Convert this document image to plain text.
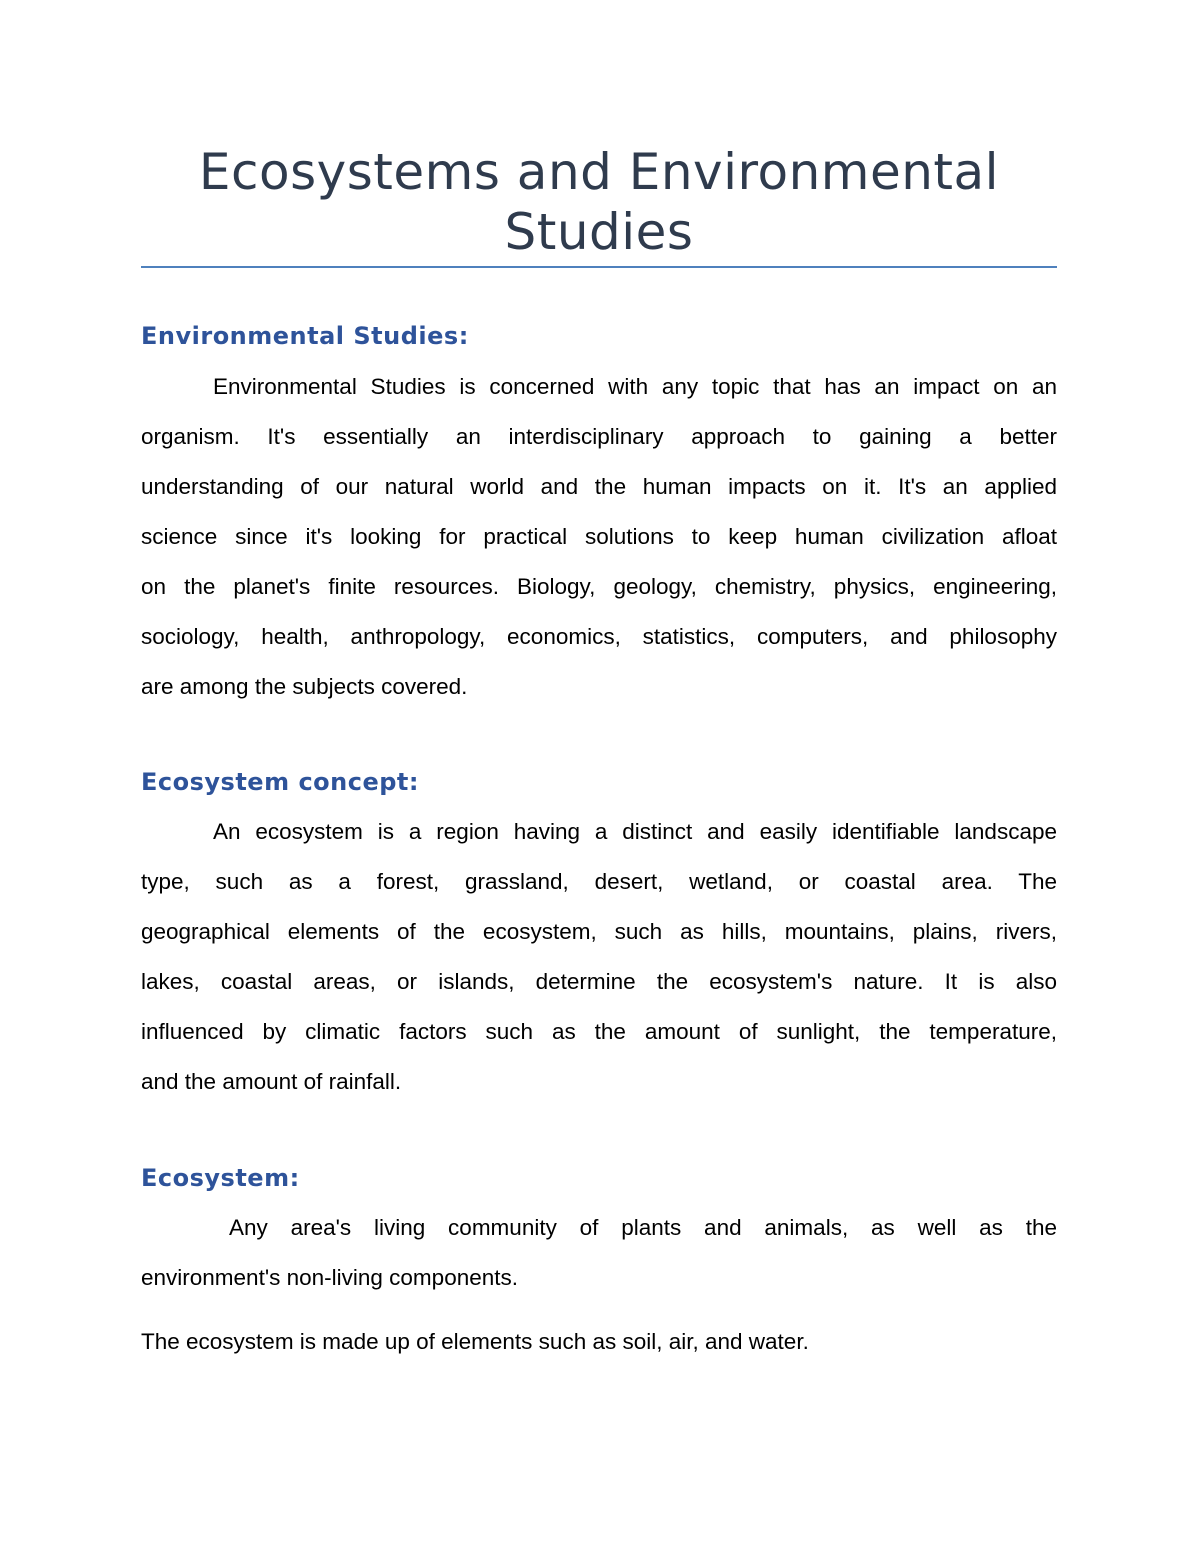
Ecosystems and Environmental
Studies
Environmental Studies:
Environmental Studies is concerned with any topic that has an impact on an
organism. It's essentially an interdisciplinary approach to gaining a better
understanding of our natural world and the human impacts on it. It's an applied
science since it's looking for practical solutions to keep human civilization afloat
on the planet's finite resources. Biology, geology, chemistry, physics, engineering,
sociology, health, anthropology, economics, statistics, computers, and philosophy
are among the subjects covered.
Ecosystem concept:
An ecosystem is a region having a distinct and easily identifiable landscape
type, such as a forest, grassland, desert, wetland, or coastal area. The
geographical elements of the ecosystem, such as hills, mountains, plains, rivers,
lakes, coastal areas, or islands, determine the ecosystem's nature. It is also
influenced by climatic factors such as the amount of sunlight, the temperature,
and the amount of rainfall.
Ecosystem:
Any area's living community of plants and animals, as well as the
environment's non-living components.
The ecosystem is made up of elements such as soil, air, and water.
